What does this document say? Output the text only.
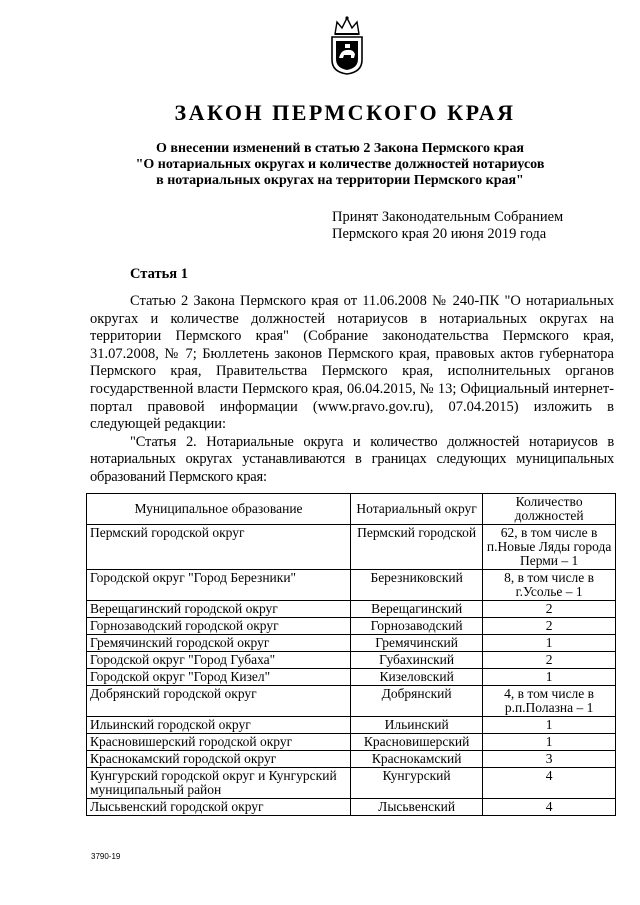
ЗАКОН ПЕРМСКОГО КРАЯ
О внесении изменений в статью 2 Закона Пермского края
"О нотариальных округах и количестве должностей нотариусов
в нотариальных округах на территории Пермского края"
Принят Законодательным Собранием
Пермского края 20 июня 2019 года
Статья 1

Статью 2 Закона Пермского края от 11.06.2008 № 240-ПК "О нотариальных округах и количестве должностей нотариусов в нотариальных округах на территории Пермского края" (Собрание законодательства Пермского края, 31.07.2008, № 7; Бюллетень законов Пермского края, правовых актов губернатора Пермского края, Правительства Пермского края, исполнительных органов государственной власти Пермского края, 06.04.2015, № 13; Официальный интернет-портал правовой информации (www.pravo.gov.ru), 07.04.2015) изложить в следующей редакции:

"Статья 2. Нотариальные округа и количество должностей нотариусов в нотариальных округах устанавливаются в границах следующих муниципальных образований Пермского края:

Муниципальное образование	Нотариальный округ	Количество должностей
Пермский городской округ	Пермский городской	62, в том числе в п.Новые Ляды города Перми – 1
Городской округ "Город Березники"	Березниковский	8, в том числе в г.Усолье – 1
Верещагинский городской округ	Верещагинский	2
Горнозаводский городской округ	Горнозаводский	2
Гремячинский городской округ	Гремячинский	1
Городской округ "Город Губаха"	Губахинский	2
Городской округ "Город Кизел"	Кизеловский	1
Добрянский городской округ	Добрянский	4, в том числе в р.п.Полазна – 1
Ильинский городской округ	Ильинский	1
Красновишерский городской округ	Красновишерский	1
Краснокамский городской округ	Краснокамский	3
Кунгурский городской округ и Кунгурский муниципальный район	Кунгурский	4
Лысьвенский городской округ	Лысьвенский	4
3790-19
